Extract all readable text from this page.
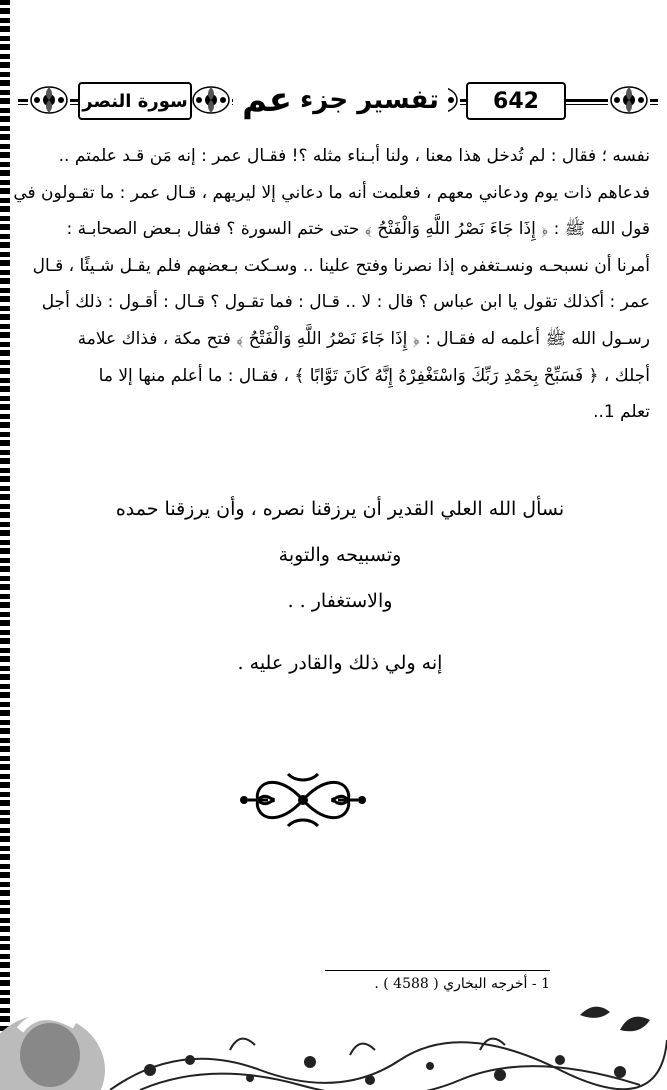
642
تفسير جزء
عم
سورة النصر

نفسه ؛ فقال : لم تُدخل هذا معنا ، ولنا أبـناء مثله ؟! فقـال عمر : إنه مَن قـد علمتم ..

فدعاهم ذات يوم ودعاني معهم ، فعلمت أنه ما دعاني إلا ليريهم ، قـال عمر : ما تقـولون في

قول الله ﷺ : ﴿ إِذَا جَاءَ نَصْرُ اللَّهِ وَالْفَتْحُ ﴾ حتى ختم السورة ؟ فقال بـعض الصحابـة :

أمرنا أن نسبحـه ونسـتغفره إذا نصرنا وفتح علينا .. وسـكت بـعضهم فلم يقـل شـيئًا ، قـال

عمر : أكذلك تقول يا ابن عباس ؟ قال : لا .. قـال : فما تقـول ؟ قـال : أقـول : ذلك أجل

رسـول الله ﷺ أعلمه له فقـال : ﴿ إِذَا جَاءَ نَصْرُ اللَّهِ وَالْفَتْحُ ﴾ فتح مكة ، فذاك علامة

أجلك ، ﴿ فَسَبِّحْ بِحَمْدِ رَبِّكَ وَاسْتَغْفِرْهُ إِنَّهُ كَانَ تَوَّابًا ﴾ ، فقـال : ما أعلم منها إلا ما

تعلم 1..

نسأل الله العلي القدير أن يرزقنا نصره ، وأن يرزقنا حمده وتسبيحه والتوبة

والاستغفار . .

إنه ولي ذلك والقادر عليه .

1 - أخرجه البخاري ( 4588 ) .
